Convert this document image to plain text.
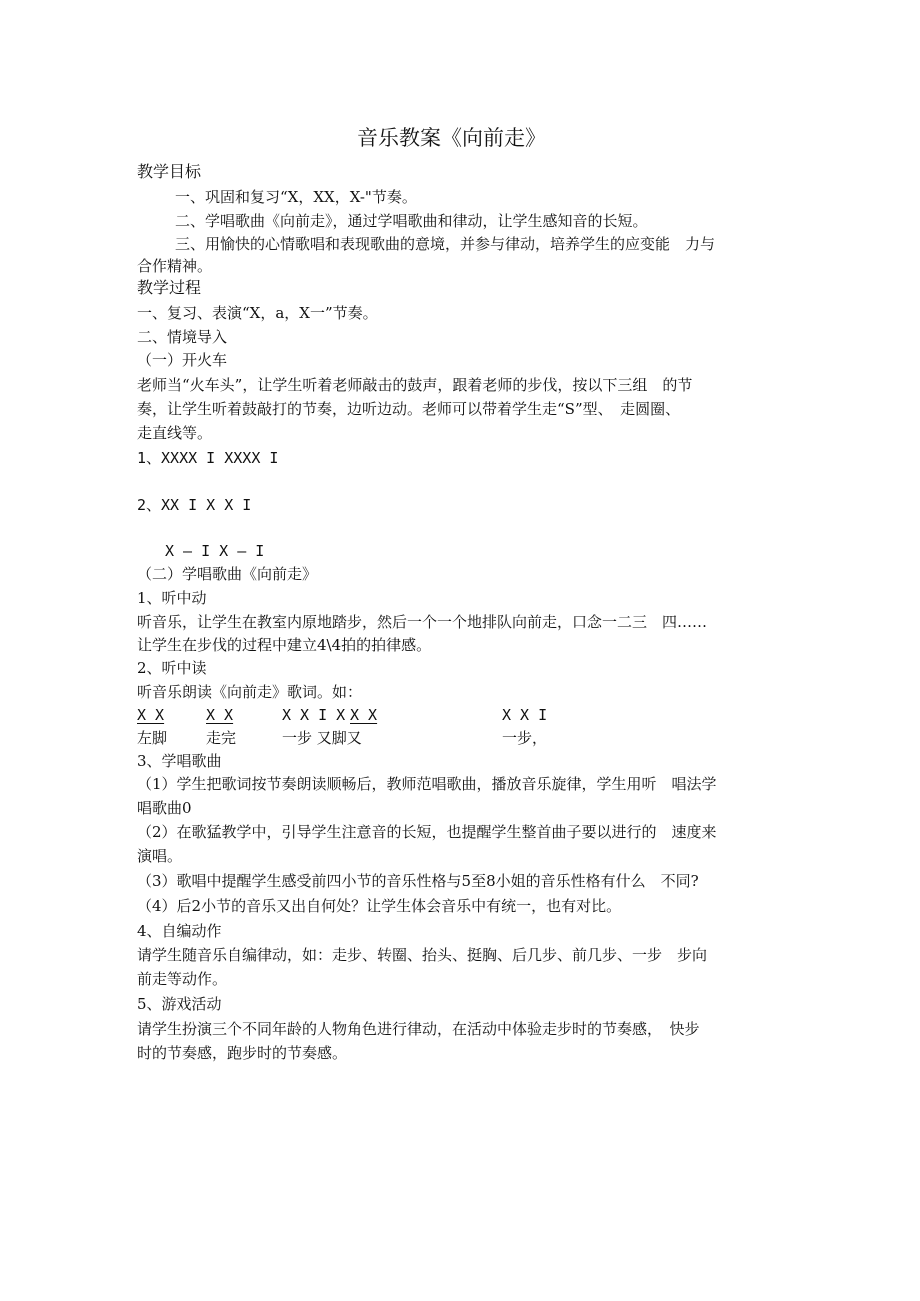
音乐教案《向前走》
教学目标
一、巩固和复习“X，XX，X-"节奏。
二、学唱歌曲《向前走》，通过学唱歌曲和律动，让学生感知音的长短。
三、用愉快的心情歌唱和表现歌曲的意境，并参与律动，培养学生的应变能　力与
合作精神。
教学过程
一、复习、表演“X，a，X一”节奏。
二、情境导入
（一）开火车
老师当“火车头”，让学生听着老师敲击的鼓声，跟着老师的步伐，按以下三组　的节
奏，让学生听着鼓敲打的节奏，边听边动。老师可以带着学生走“S”型、　走圆圈、
走直线等。
1、XXXX I XXXX I
2、XX I X X I
X — I X — I
（二）学唱歌曲《向前走》
1、听中动
听音乐，让学生在教室内原地踏步，然后一个一个地排队向前走，口念一二三　四……
让学生在步伐的过程中建立4\4拍的拍律感。
2、听中读
听音乐朗读《向前走》歌词。如：
X X	X X	X X I X X X	X X I
左脚	走完	一步 又脚又	一步，
3、学唱歌曲
（1）学生把歌词按节奏朗读顺畅后，教师范唱歌曲，播放音乐旋律，学生用听　唱法学
唱歌曲0
（2）在歌猛教学中，引导学生注意音的长短，也提醒学生整首曲子要以进行的　速度来
演唱。
（3）歌唱中提醒学生感受前四小节的音乐性格与5至8小姐的音乐性格有什么　不同?
（4）后2小节的音乐又出自何处？让学生体会音乐中有统一，也有对比。
4、自编动作
请学生随音乐自编律动，如：走步、转圈、抬头、挺胸、后几步、前几步、一步　步向
前走等动作。
5、游戏活动
请学生扮演三个不同年龄的人物角色进行律动，在活动中体验走步时的节奏感，　快步
时的节奏感，跑步时的节奏感。
